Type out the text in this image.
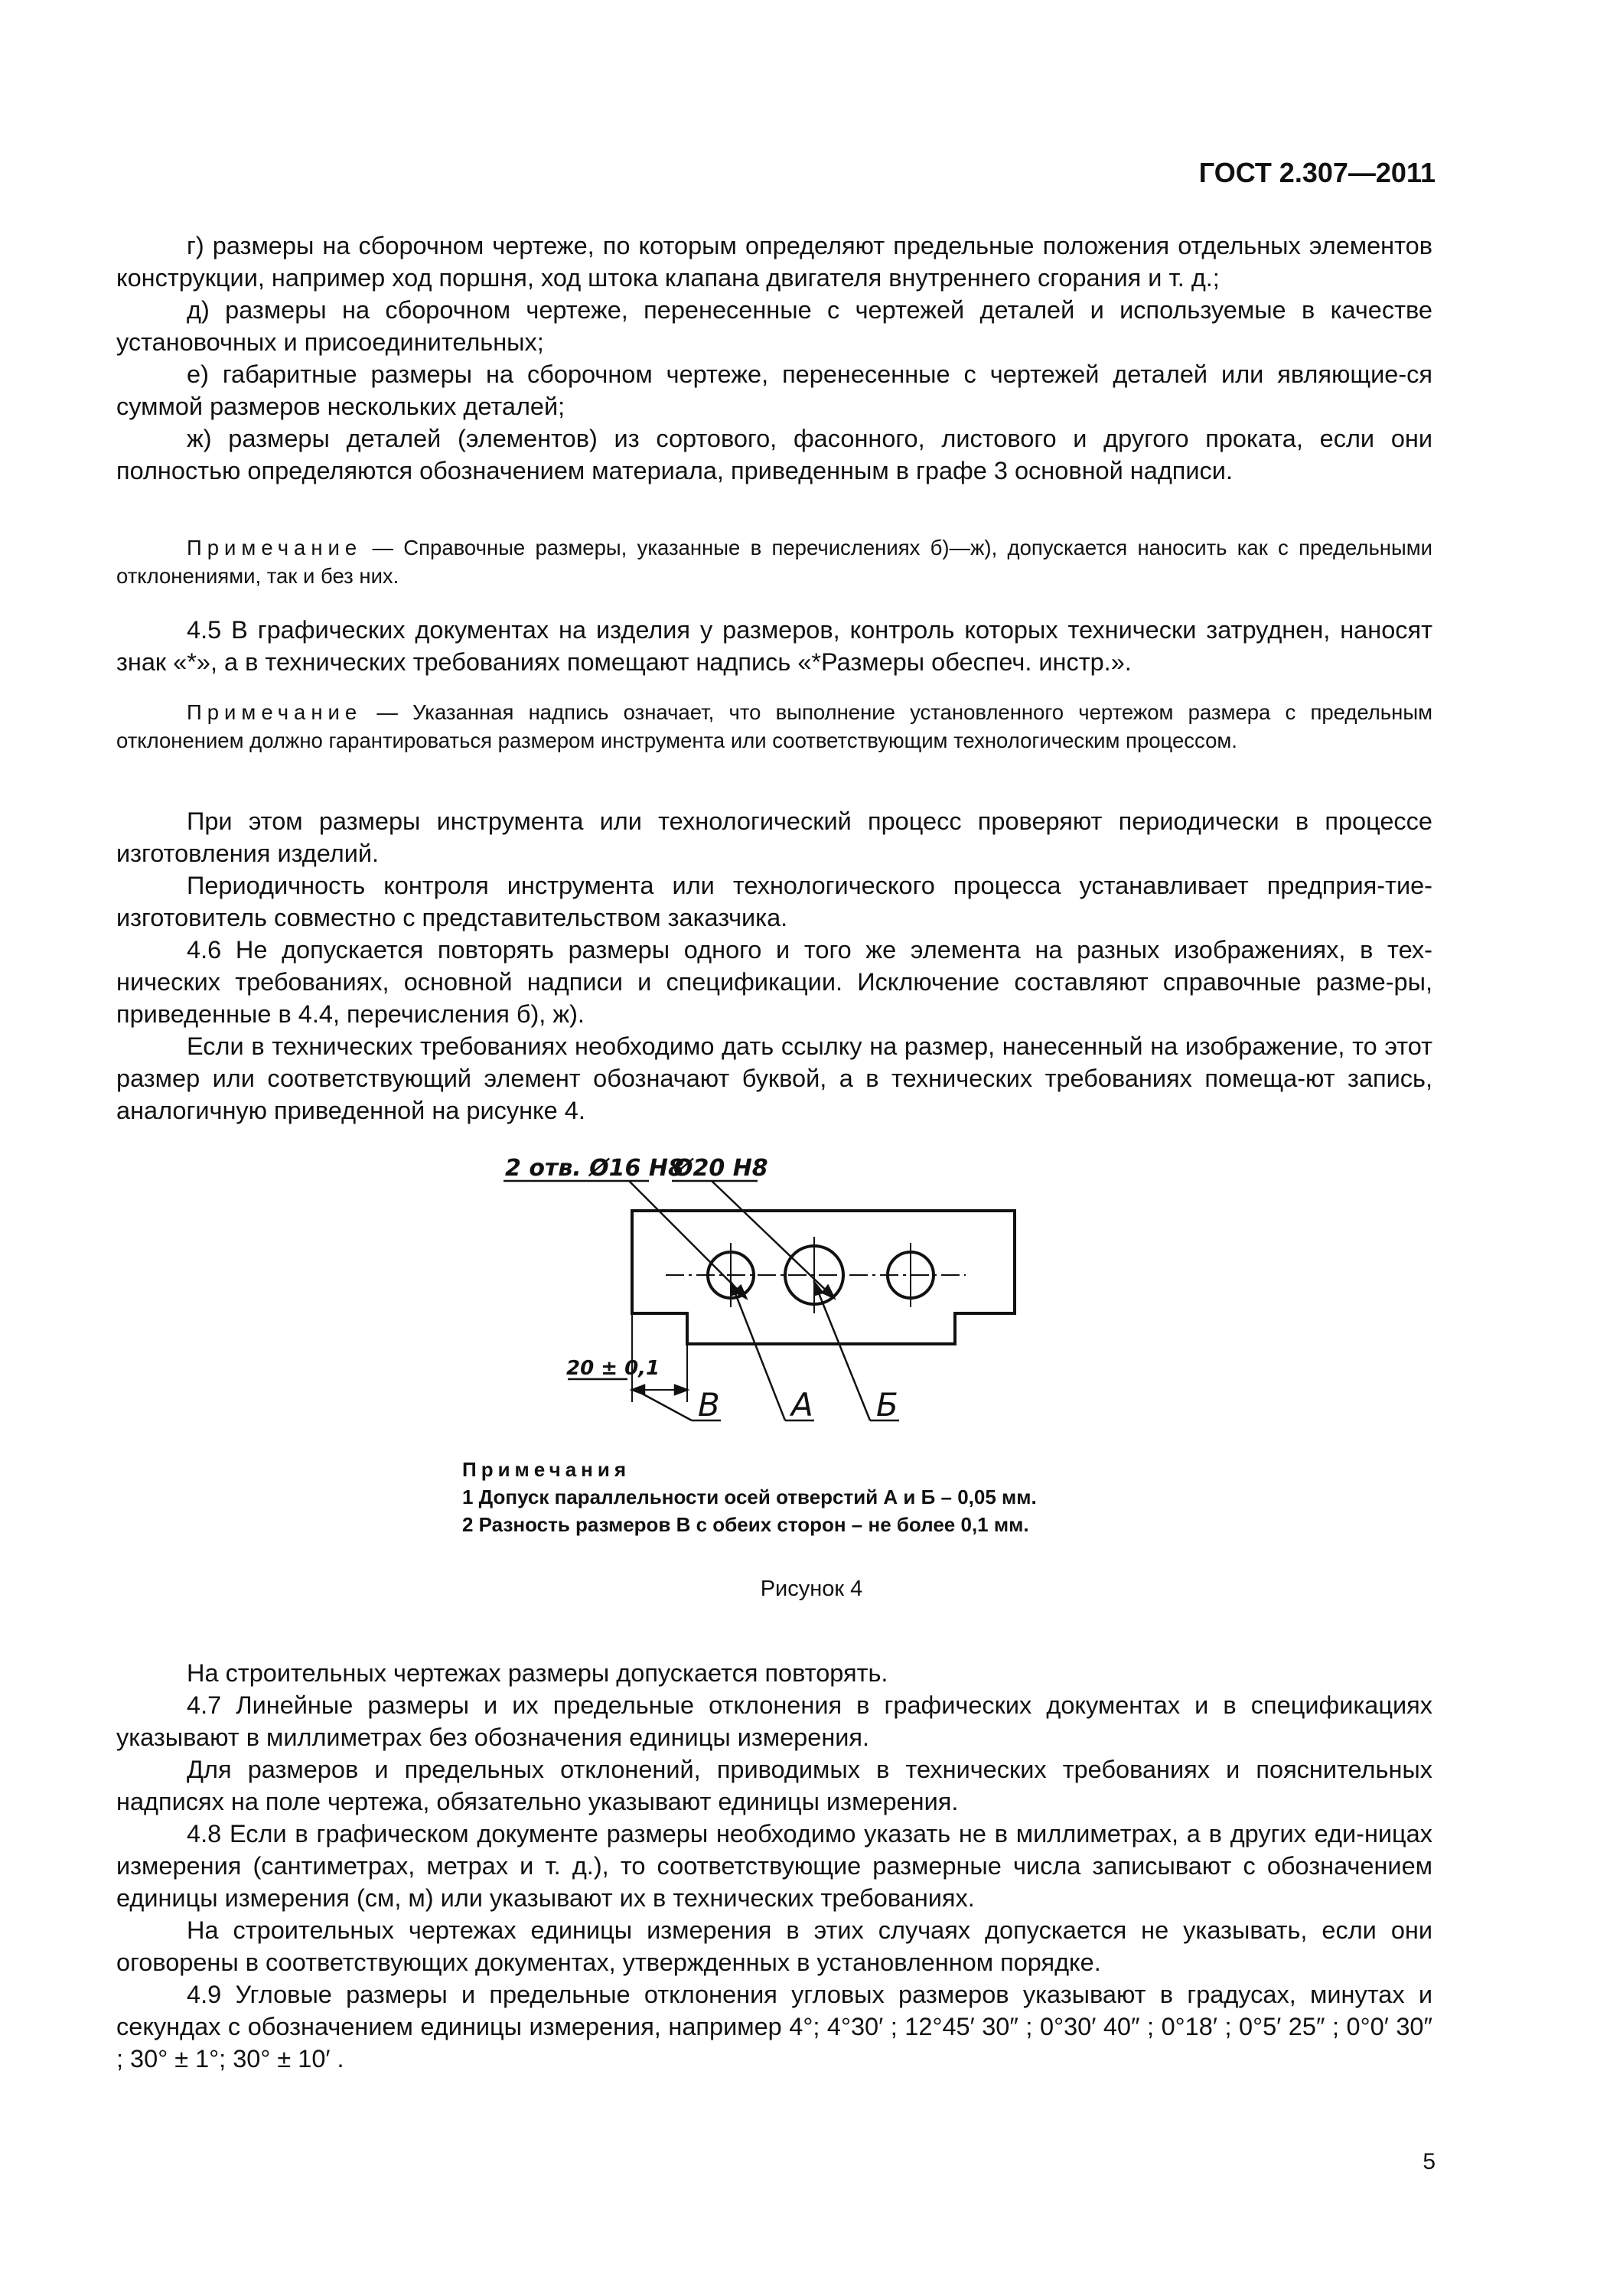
ГОСТ 2.307—2011

г) размеры на сборочном чертеже, по которым определяют предельные положения отдельных элементов конструкции, например ход поршня, ход штока клапана двигателя внутреннего сгорания и т. д.;

д) размеры на сборочном чертеже, перенесенные с чертежей деталей и используемые в качестве установочных и присоединительных;

е) габаритные размеры на сборочном чертеже, перенесенные с чертежей деталей или являющие-ся суммой размеров нескольких деталей;

ж) размеры деталей (элементов) из сортового, фасонного, листового и другого проката, если они полностью определяются обозначением материала, приведенным в графе 3 основной надписи.

Примечание — Справочные размеры, указанные в перечислениях б)—ж), допускается наносить как с предельными отклонениями, так и без них.

4.5 В графических документах на изделия у размеров, контроль которых технически затруднен, наносят знак «*», а в технических требованиях помещают надпись «*Размеры обеспеч. инстр.».

Примечание — Указанная надпись означает, что выполнение установленного чертежом размера с предельным отклонением должно гарантироваться размером инструмента или соответствующим технологическим процессом.

При этом размеры инструмента или технологический процесс проверяют периодически в процессе изготовления изделий.

Периодичность контроля инструмента или технологического процесса устанавливает предприя-тие-изготовитель совместно с представительством заказчика.

4.6 Не допускается повторять размеры одного и того же элемента на разных изображениях, в тех-нических требованиях, основной надписи и спецификации. Исключение составляют справочные разме-ры, приведенные в 4.4, перечисления б), ж).

Если в технических требованиях необходимо дать ссылку на размер, нанесенный на изображение, то этот размер или соответствующий элемент обозначают буквой, а в технических требованиях помеща-ют запись, аналогичную приведенной на рисунке 4.

2 отв. Ø16 H8
Ø20 H8
20 ± 0,1
В А Б
Примечания
1 Допуск параллельности осей отверстий А и Б – 0,05 мм.
2 Разность размеров В с обеих сторон – не более 0,1 мм.
Рисунок 4

На строительных чертежах размеры допускается повторять.

4.7 Линейные размеры и их предельные отклонения в графических документах и в спецификациях указывают в миллиметрах без обозначения единицы измерения.

Для размеров и предельных отклонений, приводимых в технических требованиях и пояснительных надписях на поле чертежа, обязательно указывают единицы измерения.

4.8 Если в графическом документе размеры необходимо указать не в миллиметрах, а в других еди-ницах измерения (сантиметрах, метрах и т. д.), то соответствующие размерные числа записывают с обозначением единицы измерения (см, м) или указывают их в технических требованиях.

На строительных чертежах единицы измерения в этих случаях допускается не указывать, если они оговорены в соответствующих документах, утвержденных в установленном порядке.

4.9 Угловые размеры и предельные отклонения угловых размеров указывают в градусах, минутах и секундах с обозначением единицы измерения, например 4°; 4°30′ ; 12°45′ 30″ ; 0°30′ 40″ ; 0°18′ ; 0°5′ 25″ ; 0°0′ 30″ ; 30° ± 1°; 30° ± 10′ .

5
